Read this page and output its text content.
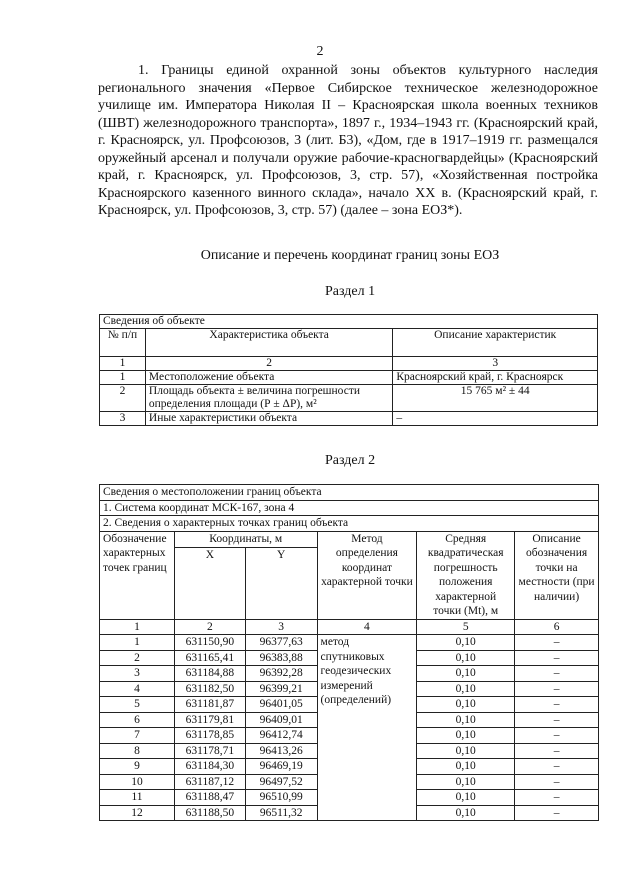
2

1. Границы единой охранной зоны объектов культурного наследия регионального значения «Первое Сибирское техническое железнодорожное училище им. Императора Николая II – Красноярская школа военных техников (ШВТ) железнодорожного транспорта», 1897 г., 1934–1943 гг. (Красноярский край, г. Красноярск, ул. Профсоюзов, 3 (лит. Б3), «Дом, где в 1917–1919 гг. размещался оружейный арсенал и получали оружие рабочие-красногвардейцы» (Красноярский край, г. Красноярск, ул. Профсоюзов, 3, стр. 57), «Хозяйственная постройка Красноярского казенного винного склада», начало XX в. (Красноярский край, г. Красноярск, ул. Профсоюзов, 3, стр. 57) (далее – зона ЕОЗ*).

Описание и перечень координат границ зоны ЕОЗ
Раздел 1
Сведения об объекте		
№ п/п	Характеристика объекта	Описание характеристик
1	2	3
1	Местоположение объекта	Красноярский край, г. Красноярск
2	Площадь объекта ± величина погрешности определения площади (Р ± ΔР), м²	15 765 м² ± 44
3	Иные характеристики объекта	–
Раздел 2
Сведения о местоположении границ объекта					
1. Система координат МСК-167, зона 4					
2. Сведения о характерных точках границ объекта					
Обозначение характерных точек границ	Координаты, м		Метод определения координат характерной точки	Средняя квадратическая погрешность положения характерной точки (Mt), м	Описание обозначения точки на местности (при наличии)
	X	Y			
1	2	3	4	5	6
1	631150,90	96377,63	метод спутниковых геодезических измерений (определений)	0,10	–
2	631165,41	96383,88		0,10	–
3	631184,88	96392,28		0,10	–
4	631182,50	96399,21		0,10	–
5	631181,87	96401,05		0,10	–
6	631179,81	96409,01		0,10	–
7	631178,85	96412,74		0,10	–
8	631178,71	96413,26		0,10	–
9	631184,30	96469,19		0,10	–
10	631187,12	96497,52		0,10	–
11	631188,47	96510,99		0,10	–
12	631188,50	96511,32		0,10	–
